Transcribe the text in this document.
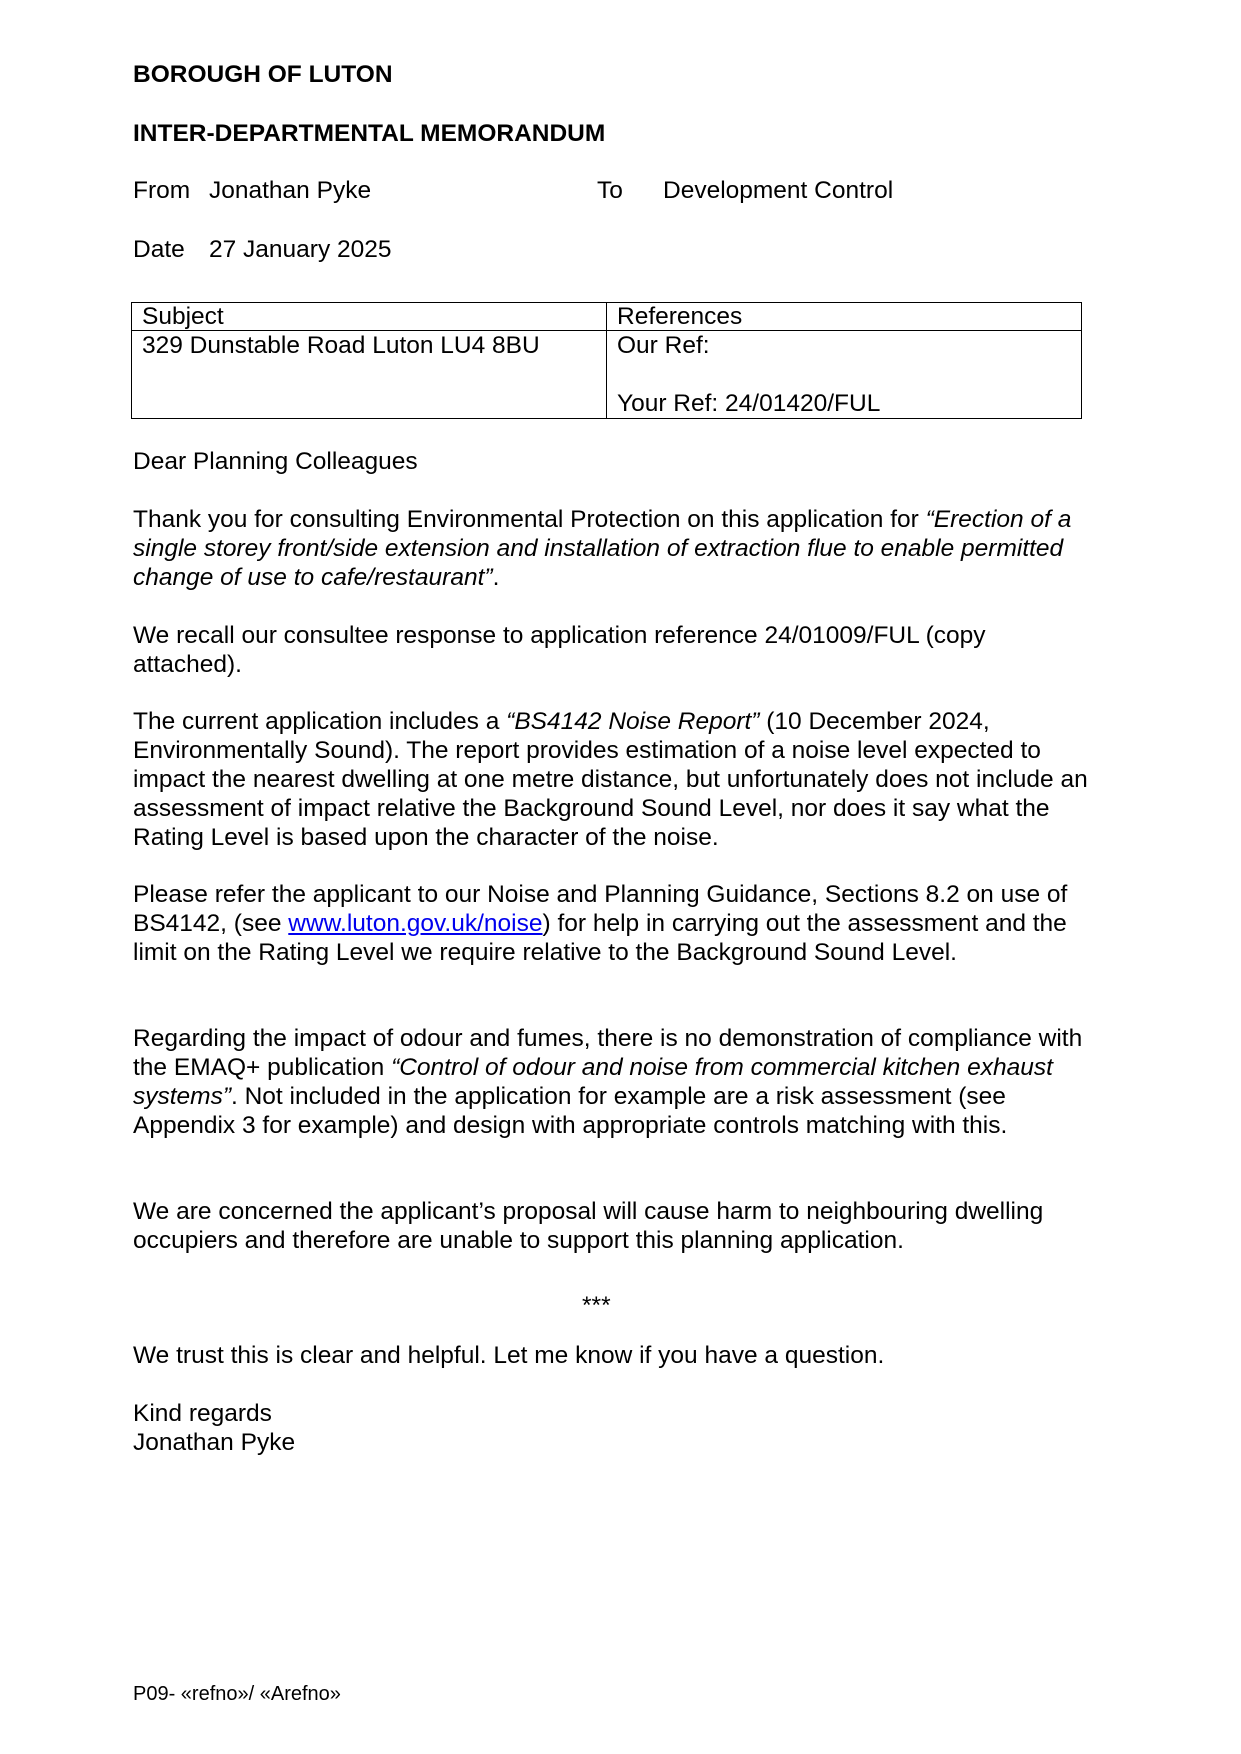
BOROUGH OF LUTON
INTER-DEPARTMENTAL MEMORANDUM
From Jonathan Pyke	To Development Control
Date 27 January 2025
Subject	References
329 Dunstable Road Luton LU4 8BU	Our Ref:
Your Ref: 24/01420/FUL

Dear Planning Colleagues

Thank you for consulting Environmental Protection on this application for “Erection of a single storey front/side extension and installation of extraction flue to enable permitted change of use to cafe/restaurant”.

We recall our consultee response to application reference 24/01009/FUL (copy attached).

The current application includes a “BS4142 Noise Report” (10 December 2024, Environmentally Sound). The report provides estimation of a noise level expected to impact the nearest dwelling at one metre distance, but unfortunately does not include an assessment of impact relative the Background Sound Level, nor does it say what the Rating Level is based upon the character of the noise.

Please refer the applicant to our Noise and Planning Guidance, Sections 8.2 on use of BS4142, (see www.luton.gov.uk/noise) for help in carrying out the assessment and the limit on the Rating Level we require relative to the Background Sound Level.

Regarding the impact of odour and fumes, there is no demonstration of compliance with the EMAQ+ publication “Control of odour and noise from commercial kitchen exhaust systems”. Not included in the application for example are a risk assessment (see Appendix 3 for example) and design with appropriate controls matching with this.

We are concerned the applicant’s proposal will cause harm to neighbouring dwelling occupiers and therefore are unable to support this planning application.

***

We trust this is clear and helpful. Let me know if you have a question.

Kind regards

Jonathan Pyke

P09- «refno»/ «Arefno»
